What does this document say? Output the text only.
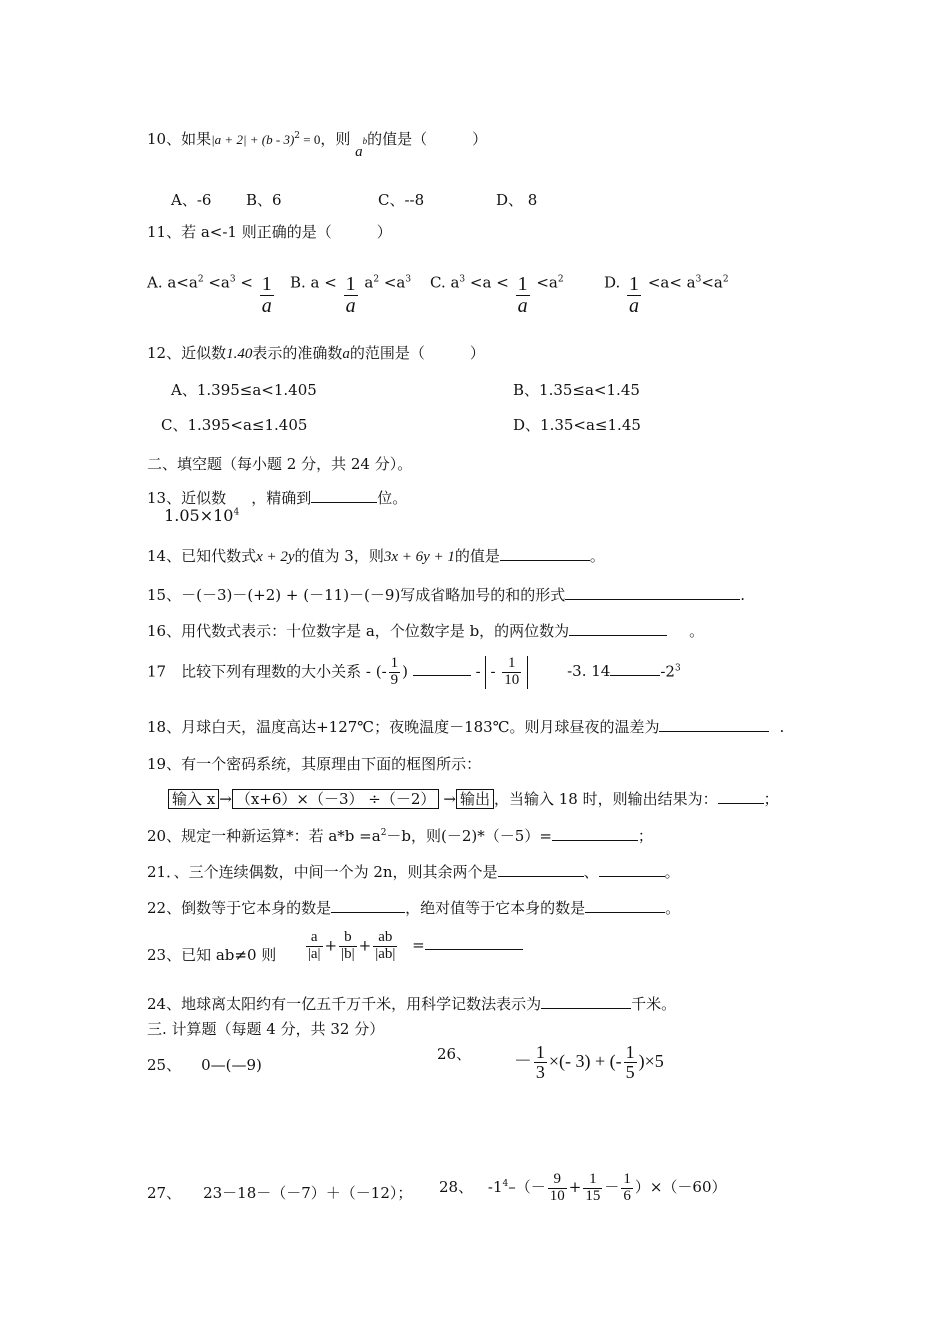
10、如果|a + 2| + (b - 3)$^2$ = 0，则 $a^b$的值是（　　　）
A、-6 B、6	C、--8	D、 8
11、若 a<-1 则正确的是（　　　）
A. $a<a^2 <a^3 < \frac{1}{a} B$. $a < \frac{1}{a} a^2 <a^3$ C. $a^3 <a < \frac{1}{a} <a^2$	D. $\frac{1}{a} <a< a^3<a^2$
12、近似数1.40表示的准确数a的范围是（　　　）
A、1.395≤a<1.405	B、1.35≤a<1.45
C、1.395<a≤1.405	D、1.35<a≤1.45
二、填空题（每小题 2 分，共 24 分）。
13、近似数$1.05\times 10^4$，精确到	位。
14、已知代数式x + 2y的值为 3，则3x + 6y + 1的值是	。
15、－(－3)－(+2) + (－11)－(－9)写成省略加号的和的形式	.
16、用代数式表示：十位数字是 a，个位数字是 b，的两位数为	。
17　比较下列有理数的大小关系 - (- $\frac{1}{9}$ )	- - $\frac{1}{10}$	-3. 14	$-2^3$
18、月球白天，温度高达+127℃；夜晚温度－183℃。则月球昼夜的温差为	.
19、有一个密码系统，其原理由下面的框图所示：
输入 x → （x+6）×（－3） ÷（－2） → 输出 ，当输入 18 时，则输出结果为：	；
20、规定一种新运算*：若 $a*b =a^2-b$，则(－2)*（－5）=	；
21．、三个连续偶数，中间一个为 2n，则其余两个是	、	。
22、倒数等于它本身的数是	，绝对值等于它本身的数是	。
23、已知 ab≠0 则 $\frac{a}{|a|} + \frac{b}{|b|} + \frac{ab}{|ab|}$ =
24、地球离太阳约有一亿五千万千米，用科学记数法表示为	千米。
三. 计算题（每题 4 分，共 32 分）
25、 0—(—9)
26、 － $\frac{1}{3}$ ×(- 3) + (- $\frac{1}{5} )\times 5$
27、 23－18－（－7）＋（－12）； 28、 $-1^4-(- \frac{9}{10} + \frac{1}{15} - \frac{1}{6} )\times(-60)$
